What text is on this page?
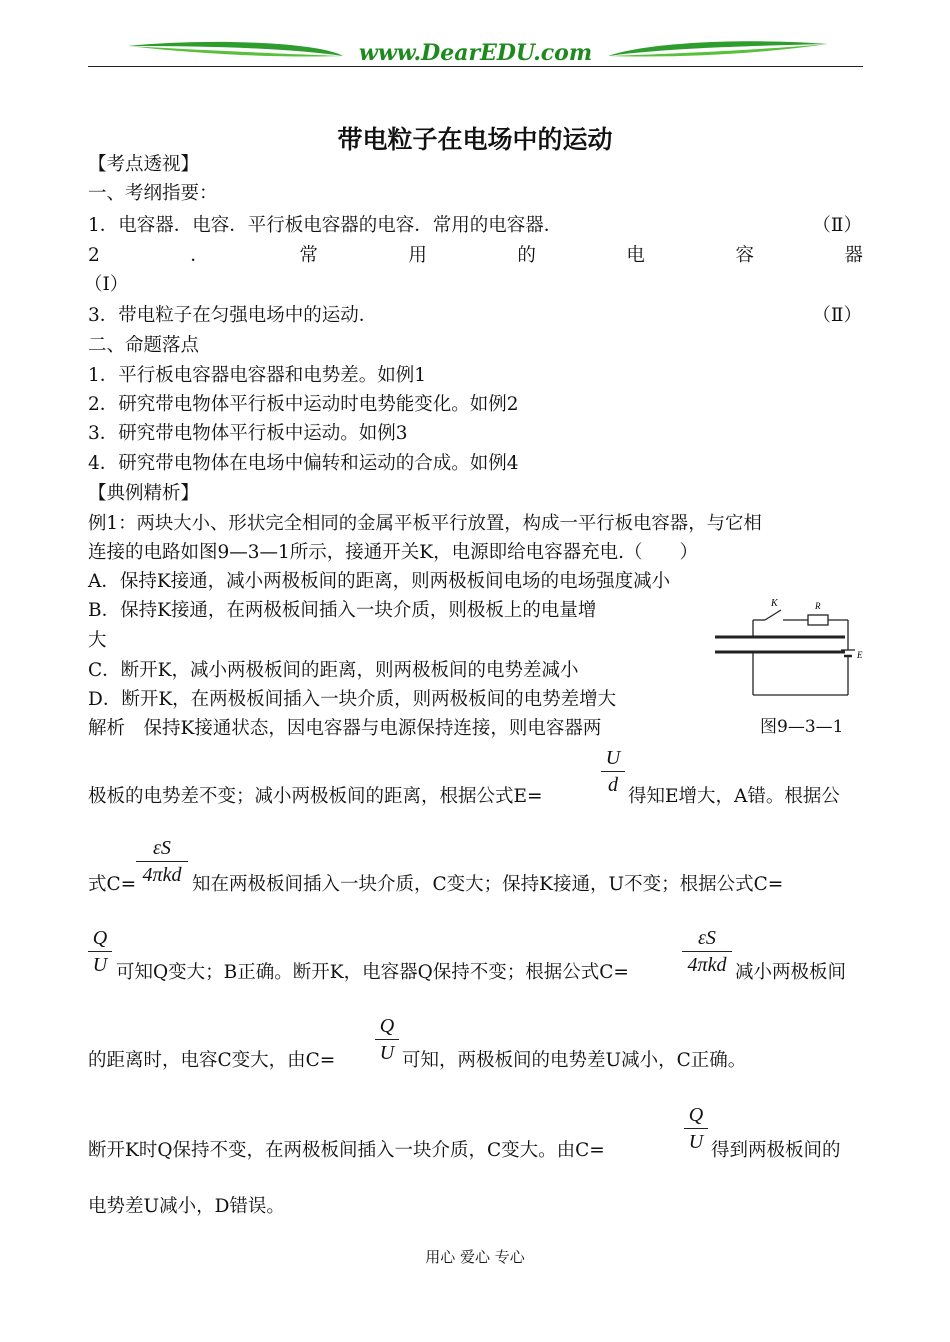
www.DearEDU.com
带电粒子在电场中的运动
【考点透视】
一、考纲指要：
1．电容器．电容．平行板电容器的电容．常用的电容器．	（Ⅱ）
2	．	常	用	的	电	容	器
（Ⅰ）
3．带电粒子在匀强电场中的运动．	（Ⅱ）
二、命题落点
1．平行板电容器电容器和电势差。如例1
2．研究带电物体平行板中运动时电势能变化。如例2
3．研究带电物体平行板中运动。如例3
4．研究带电物体在电场中偏转和运动的合成。如例4
【典例精析】
例1：两块大小、形状完全相同的金属平板平行放置，构成一平行板电容器，与它相
连接的电路如图9—3—1所示，接通开关K，电源即给电容器充电.（　　）
A．保持K接通，减小两极板间的距离，则两极板间电场的电场强度减小
B．保持K接通，在两极板间插入一块介质，则极板上的电量增
大
C．断开K，减小两极板间的距离，则两极板间的电势差减小
D．断开K，在两极板间插入一块介质，则两极板间的电势差增大
解析　保持K接通状态，因电容器与电源保持连接，则电容器两
K	R
E
图9—3—1
极板的电势差不变；减小两极板间的距离，根据公式E=
U
d
得知E增大，A错。根据公
式C=
εS
4πkd 知在两极板间插入一块介质，C变大；保持K接通，U不变；根据公式C=
Q
U 可知Q变大；B正确。断开K，电容器Q保持不变；根据公式C=
εS
4πkd 减小两极板间
的距离时，电容C变大，由C=
Q
U 可知，两极板间的电势差U减小，C正确。
断开K时Q保持不变，在两极板间插入一块介质，C变大。由C=
Q
U 得到两极板间的
电势差U减小，D错误。
用心 爱心 专心
